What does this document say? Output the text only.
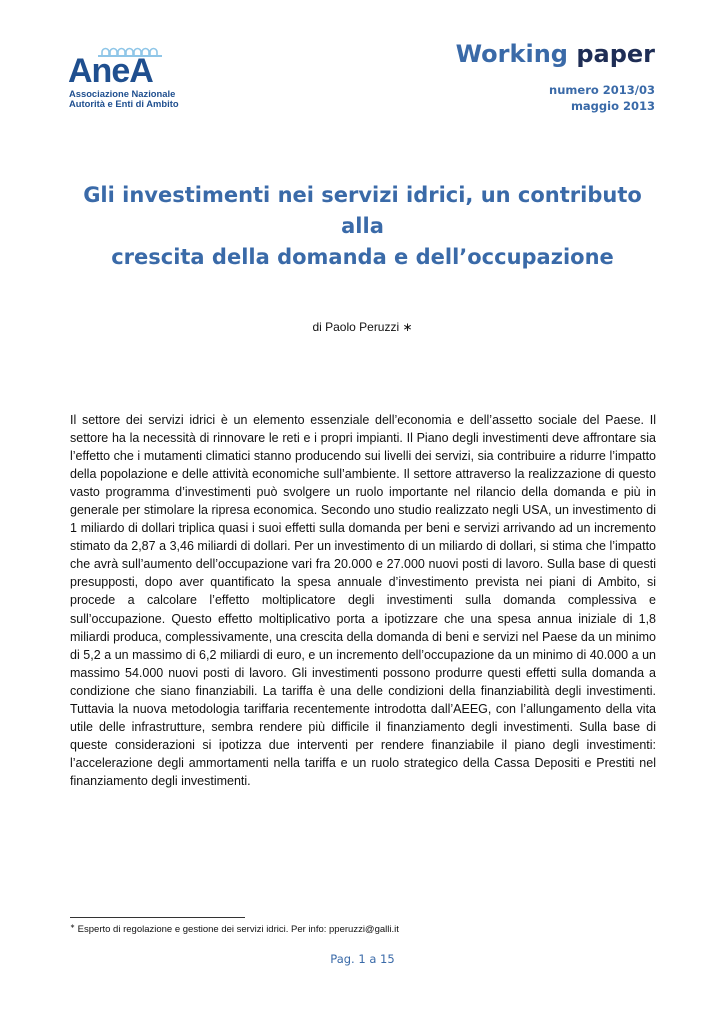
AneA
Associazione Nazionale
Autorità e Enti di Ambito
Working paper
numero 2013/03
maggio 2013
Gli investimenti nei servizi idrici, un contributo alla
crescita della domanda e dell’occupazione
di Paolo Peruzzi ∗

Il settore dei servizi idrici è un elemento essenziale dell’economia e dell’assetto sociale del Paese. Il settore ha la necessità di rinnovare le reti e i propri impianti. Il Piano degli investimenti deve affrontare sia l’effetto che i mutamenti climatici stanno producendo sui livelli dei servizi, sia contribuire a ridurre l’impatto della popolazione e delle attività economiche sull’ambiente. Il settore attraverso la realizzazione di questo vasto programma d’investimenti può svolgere un ruolo importante nel rilancio della domanda e più in generale per stimolare la ripresa economica. Secondo uno studio realizzato negli USA, un investimento di 1 miliardo di dollari triplica quasi i suoi effetti sulla domanda per beni e servizi arrivando ad un incremento stimato da 2,87 a 3,46 miliardi di dollari. Per un investimento di un miliardo di dollari, si stima che l’impatto che avrà sull’aumento dell’occupazione vari fra 20.000 e 27.000 nuovi posti di lavoro. Sulla base di questi presupposti, dopo aver quantificato la spesa annuale d’investimento prevista nei piani di Ambito, si procede a calcolare l’effetto moltiplicatore degli investimenti sulla domanda complessiva e sull’occupazione. Questo effetto moltiplicativo porta a ipotizzare che una spesa annua iniziale di 1,8 miliardi produca, complessivamente, una crescita della domanda di beni e servizi nel Paese da un minimo di 5,2 a un massimo di 6,2 miliardi di euro, e un incremento dell’occupazione da un minimo di 40.000 a un massimo 54.000 nuovi posti di lavoro. Gli investimenti possono produrre questi effetti sulla domanda a condizione che siano finanziabili. La tariffa è una delle condizioni della finanziabilità degli investimenti. Tuttavia la nuova metodologia tariffaria recentemente introdotta dall’AEEG, con l’allungamento della vita utile delle infrastrutture, sembra rendere più difficile il finanziamento degli investimenti. Sulla base di queste considerazioni si ipotizza due interventi per rendere finanziabile il piano degli investimenti: l’accelerazione degli ammortamenti nella tariffa e un ruolo strategico della Cassa Depositi e Prestiti nel finanziamento degli investimenti.

∗ Esperto di regolazione e gestione dei servizi idrici. Per info: pperuzzi@galli.it
Pag. 1 a 15
